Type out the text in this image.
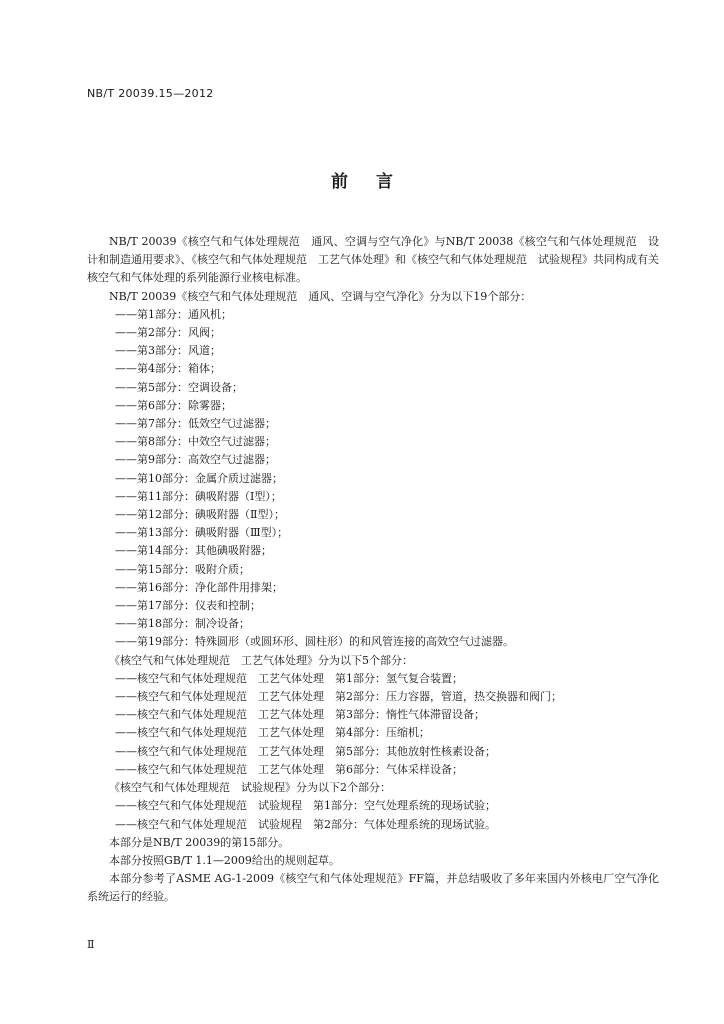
NB/T 20039.15—2012
前言

NB/T 20039《核空气和气体处理规范　通风、空调与空气净化》与NB/T 20038《核空气和气体处理规范　设计和制造通用要求》、《核空气和气体处理规范　工艺气体处理》和《核空气和气体处理规范　试验规程》共同构成有关核空气和气体处理的系列能源行业核电标准。

NB/T 20039《核空气和气体处理规范　通风、空调与空气净化》分为以下19个部分：

——第1部分：通风机；
——第2部分：风阀；
——第3部分：风道；
——第4部分：箱体；
——第5部分：空调设备；
——第6部分：除雾器；
——第7部分：低效空气过滤器；
——第8部分：中效空气过滤器；
——第9部分：高效空气过滤器；
——第10部分：金属介质过滤器；
——第11部分：碘吸附器（Ⅰ型）；
——第12部分：碘吸附器（Ⅱ型）；
——第13部分：碘吸附器（Ⅲ型）；
——第14部分：其他碘吸附器；
——第15部分：吸附介质；
——第16部分：净化部件用排架；
——第17部分：仪表和控制；
——第18部分：制冷设备；
——第19部分：特殊圆形（或圆环形、圆柱形）的和风管连接的高效空气过滤器。

《核空气和气体处理规范　工艺气体处理》分为以下5个部分：

——核空气和气体处理规范　工艺气体处理　第1部分：氢气复合装置；
——核空气和气体处理规范　工艺气体处理　第2部分：压力容器，管道，热交换器和阀门；
——核空气和气体处理规范　工艺气体处理　第3部分：惰性气体滞留设备；
——核空气和气体处理规范　工艺气体处理　第4部分：压缩机；
——核空气和气体处理规范　工艺气体处理　第5部分：其他放射性核素设备；
——核空气和气体处理规范　工艺气体处理　第6部分：气体采样设备；

《核空气和气体处理规范　试验规程》分为以下2个部分：

——核空气和气体处理规范　试验规程　第1部分：空气处理系统的现场试验；
——核空气和气体处理规范　试验规程　第2部分：气体处理系统的现场试验。

本部分是NB/T 20039的第15部分。

本部分按照GB/T 1.1—2009给出的规则起草。

本部分参考了ASME AG-1-2009《核空气和气体处理规范》FF篇，并总结吸收了多年来国内外核电厂空气净化系统运行的经验。

Ⅱ
